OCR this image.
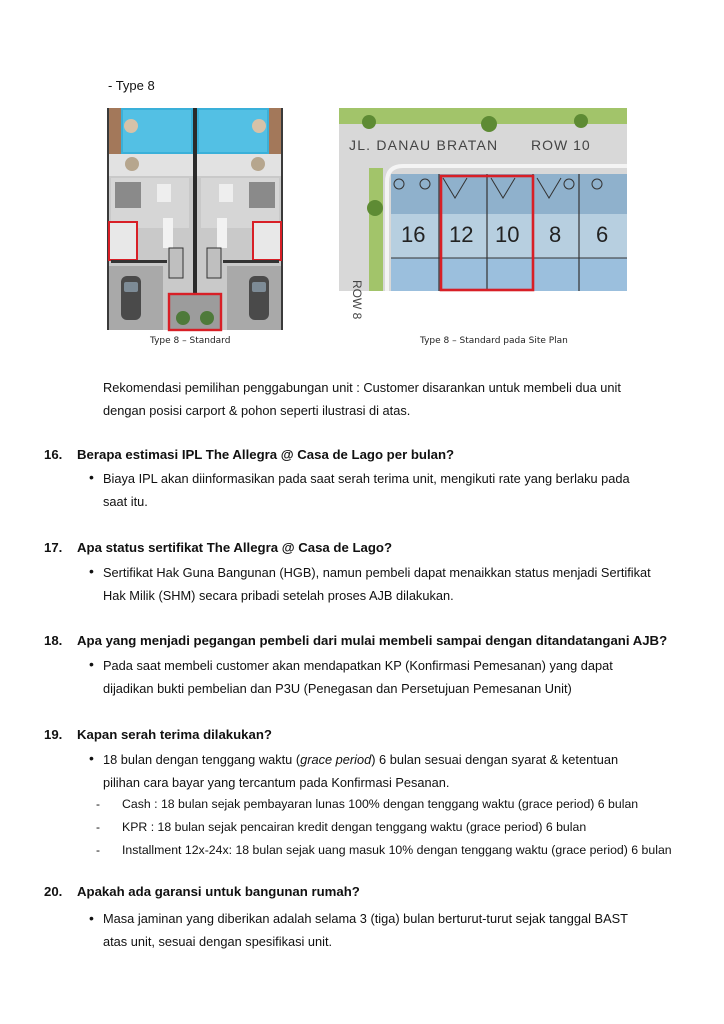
- Type 8
JL. DANAU BRATAN ROW 10
16 12 10 8 6
ROW 8
Type 8 – Standard	Type 8 – Standard pada Site Plan
Rekomendasi pemilihan penggabungan unit : Customer disarankan untuk membeli dua unit
dengan posisi carport & pohon seperti ilustrasi di atas.
16. Berapa estimasi IPL The Allegra @ Casa de Lago per bulan?
• Biaya IPL akan diinformasikan pada saat serah terima unit, mengikuti rate yang berlaku pada
saat itu.
17. Apa status sertifikat The Allegra @ Casa de Lago?
• Sertifikat Hak Guna Bangunan (HGB), namun pembeli dapat menaikkan status menjadi Sertifikat
Hak Milik (SHM) secara pribadi setelah proses AJB dilakukan.
18. Apa yang menjadi pegangan pembeli dari mulai membeli sampai dengan ditandatangani AJB?
• Pada saat membeli customer akan mendapatkan KP (Konfirmasi Pemesanan) yang dapat
dijadikan bukti pembelian dan P3U (Penegasan dan Persetujuan Pemesanan Unit)
19. Kapan serah terima dilakukan?
• 18 bulan dengan tenggang waktu (grace period) 6 bulan sesuai dengan syarat & ketentuan
pilihan cara bayar yang tercantum pada Konfirmasi Pesanan.
- Cash : 18 bulan sejak pembayaran lunas 100% dengan tenggang waktu (grace period) 6 bulan
- KPR : 18 bulan sejak pencairan kredit dengan tenggang waktu (grace period) 6 bulan
- Installment 12x-24x: 18 bulan sejak uang masuk 10% dengan tenggang waktu (grace period) 6 bulan
20. Apakah ada garansi untuk bangunan rumah?
• Masa jaminan yang diberikan adalah selama 3 (tiga) bulan berturut-turut sejak tanggal BAST
atas unit, sesuai dengan spesifikasi unit.
